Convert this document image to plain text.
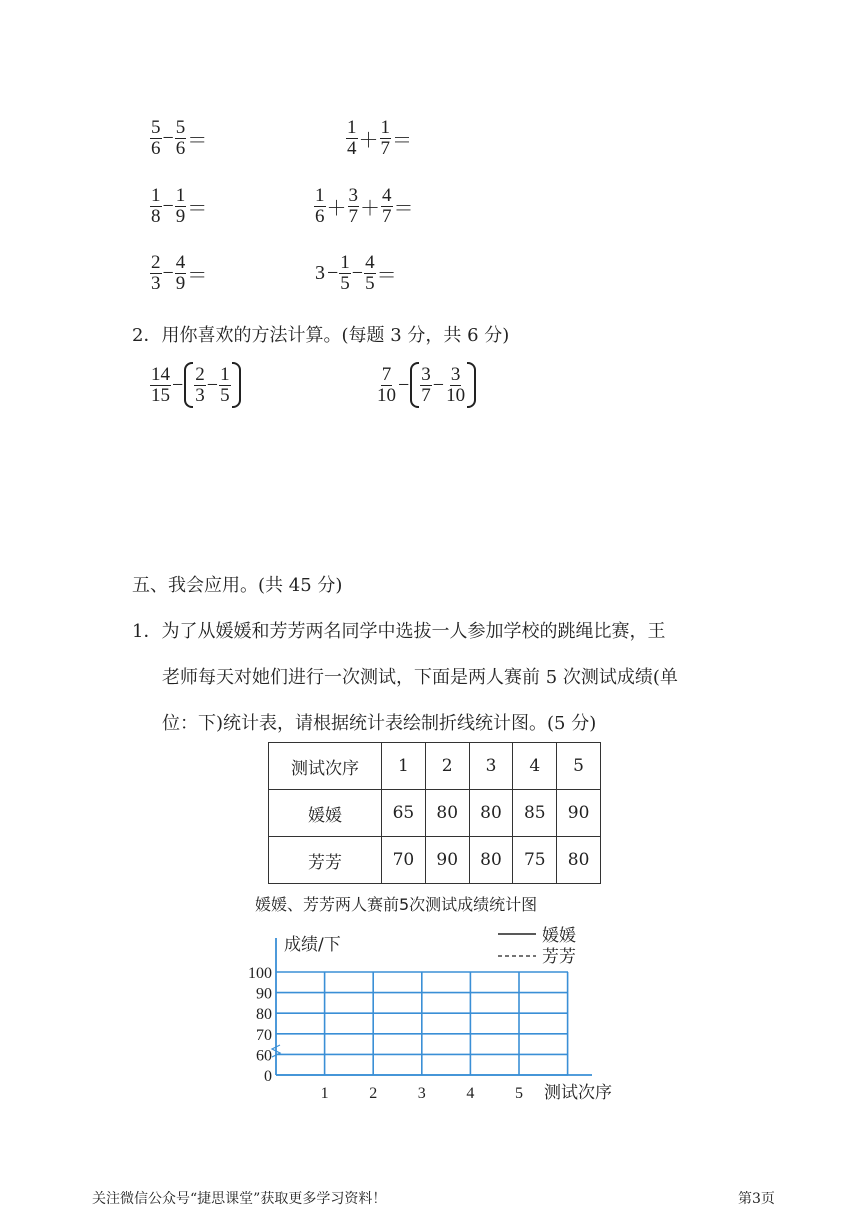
$\frac{5}{6} - \frac{5}{6}$ ＝	$\frac{1}{4} + \frac{1}{7}$ ＝
$\frac{1}{8} - \frac{1}{9}$ ＝	$\frac{1}{6} + \frac{3}{7} + \frac{4}{7}$ ＝
$\frac{2}{3} - \frac{4}{9}$ ＝	$3 - \frac{1}{5} - \frac{4}{5}$ ＝
2．用你喜欢的方法计算。(每题 3 分，共 6 分)
$\frac{14}{15} - \frac{2}{3} - \frac{1}{5}$	$\frac{7}{10} - \frac{3}{7} - \frac{3}{10}$
五、我会应用。(共 45 分)
1．为了从媛媛和芳芳两名同学中选拔一人参加学校的跳绳比赛，王
老师每天对她们进行一次测试，下面是两人赛前 5 次测试成绩(单
位：下)统计表，请根据统计表绘制折线统计图。(5 分)
测试次序	1	2	3	4	5
媛媛	65	80	80	85	90
芳芳	70	90	80	75	80
媛媛、芳芳两人赛前5次测试成绩统计图
100
90
80
70
60
0
1	2	3	4	5
成绩/下
测试次序
媛媛
芳芳
关注微信公众号“捷思课堂”获取更多学习资料！	第3页
